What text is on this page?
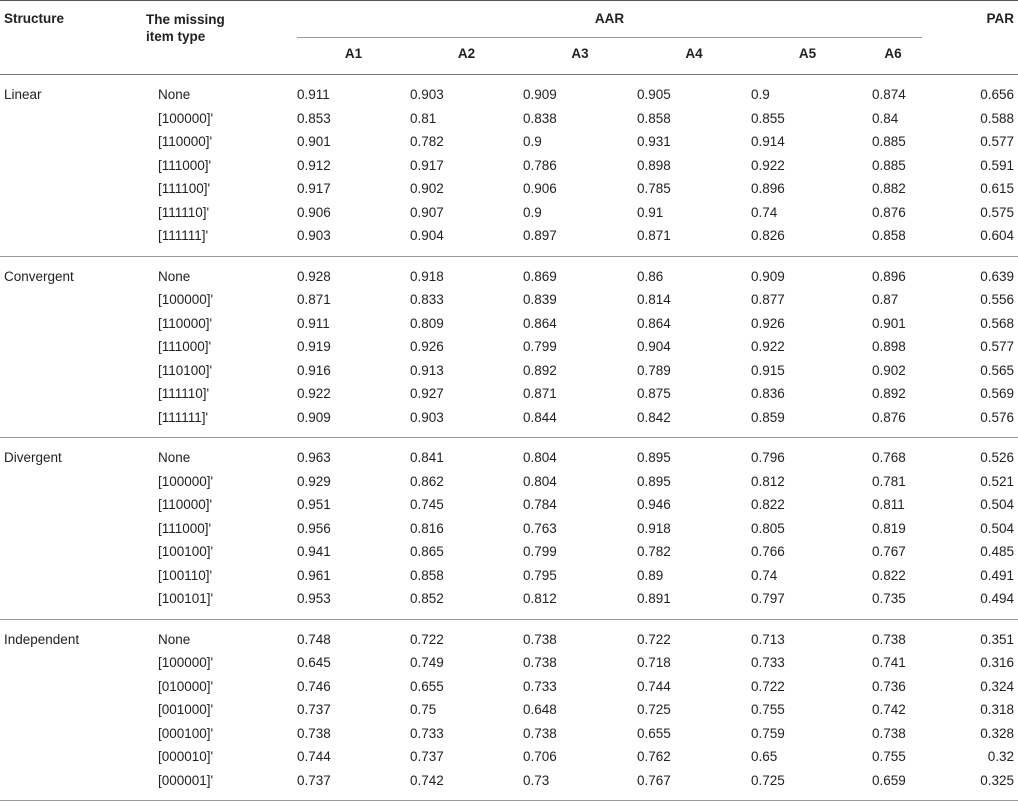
Structure The missing
item type	AAR						PAR
	A1	A2	A3	A4	A5	A6	

Linear None	0.911	0.903	0.909	0.905	0.9	0.874	0.656
[100000]'	0.853	0.81	0.838	0.858	0.855	0.84	0.588
[110000]'	0.901	0.782	0.9	0.931	0.914	0.885	0.577
[111000]'	0.912	0.917	0.786	0.898	0.922	0.885	0.591
[111100]'	0.917	0.902	0.906	0.785	0.896	0.882	0.615
[111110]'	0.906	0.907	0.9	0.91	0.74	0.876	0.575
[111111]'	0.903	0.904	0.897	0.871	0.826	0.858	0.604

Convergent None	0.928	0.918	0.869	0.86	0.909	0.896	0.639
[100000]'	0.871	0.833	0.839	0.814	0.877	0.87	0.556
[110000]'	0.911	0.809	0.864	0.864	0.926	0.901	0.568
[111000]'	0.919	0.926	0.799	0.904	0.922	0.898	0.577
[110100]'	0.916	0.913	0.892	0.789	0.915	0.902	0.565
[111110]'	0.922	0.927	0.871	0.875	0.836	0.892	0.569
[111111]'	0.909	0.903	0.844	0.842	0.859	0.876	0.576

Divergent None	0.963	0.841	0.804	0.895	0.796	0.768	0.526
[100000]'	0.929	0.862	0.804	0.895	0.812	0.781	0.521
[110000]'	0.951	0.745	0.784	0.946	0.822	0.811	0.504
[111000]'	0.956	0.816	0.763	0.918	0.805	0.819	0.504
[100100]'	0.941	0.865	0.799	0.782	0.766	0.767	0.485
[100110]'	0.961	0.858	0.795	0.89	0.74	0.822	0.491
[100101]'	0.953	0.852	0.812	0.891	0.797	0.735	0.494

Independent None	0.748	0.722	0.738	0.722	0.713	0.738	0.351
[100000]'	0.645	0.749	0.738	0.718	0.733	0.741	0.316
[010000]'	0.746	0.655	0.733	0.744	0.722	0.736	0.324
[001000]'	0.737	0.75	0.648	0.725	0.755	0.742	0.318
[000100]'	0.738	0.733	0.738	0.655	0.759	0.738	0.328
[000010]'	0.744	0.737	0.706	0.762	0.65	0.755	0.32
[000001]'	0.737	0.742	0.73	0.767	0.725	0.659	0.325
